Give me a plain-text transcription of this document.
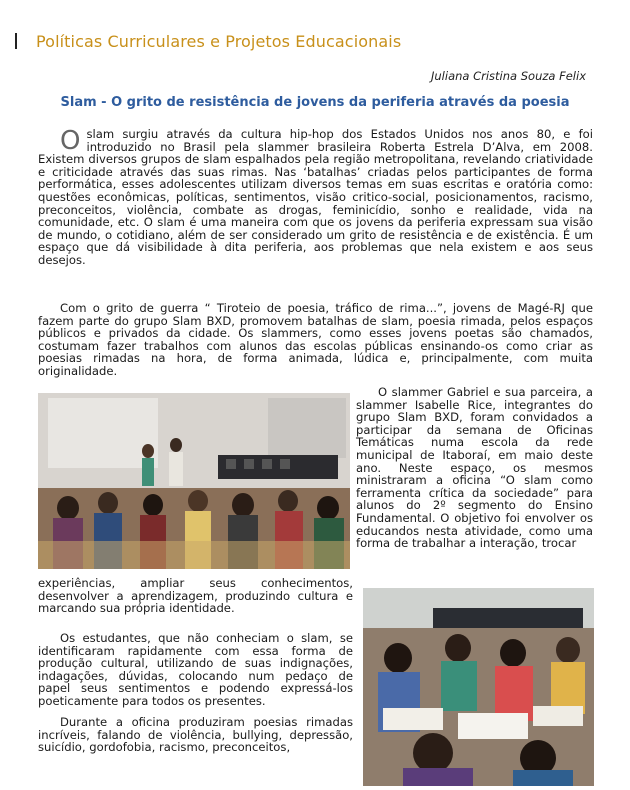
Políticas Curriculares e Projetos Educacionais
Juliana Cristina Souza Felix
Slam - O grito de resistência de jovens da periferia através da poesia

Oslam surgiu através da cultura hip-hop dos Estados Unidos nos anos 80, e foi introduzido no Brasil pela slammer brasileira Roberta Estrela D’Alva, em 2008. Existem diversos grupos de slam espalhados pela região metropolitana, revelando criatividade e criticidade através das suas rimas. Nas ‘batalhas’ criadas pelos participantes de forma performática, esses adolescentes utilizam diversos temas em suas escritas e oratória como: questões econômicas, políticas, sentimentos, visão critico-social, posicionamentos, racismo, preconceitos, violência, combate as drogas, feminicídio, sonho e realidade, vida na comunidade, etc. O slam é uma maneira com que os jovens da periferia expressam sua visão de mundo, o cotidiano, além de ser considerado um grito de resistência e de existência. É um espaço que dá visibilidade à dita periferia, aos problemas que nela existem e aos seus desejos.

Com o grito de guerra “ Tiroteio de poesia, tráfico de rima...”, jovens de Magé-RJ que fazem parte do grupo Slam BXD, promovem batalhas de slam, poesia rimada, pelos espaços públicos e privados da cidade. Os slammers, como esses jovens poetas são chamados, costumam fazer trabalhos com alunos das escolas públicas ensinando-os como criar as poesias rimadas na hora, de forma animada, lúdica e, principalmente, com muita originalidade.

O slammer Gabriel e sua parceira, a slammer Isabelle Rice, integrantes do grupo Slam BXD, foram convidados a participar da semana de Oficinas Temáticas numa escola da rede municipal de Itaboraí, em maio deste ano. Neste espaço, os mesmos ministraram a oficina “O slam como ferramenta crítica da sociedade” para alunos do 2º segmento do Ensino Fundamental. O objetivo foi envolver os educandos nesta atividade, como uma forma de trabalhar a interação, trocar

experiências, ampliar seus conhecimentos, desenvolver a aprendizagem, produzindo cultura e marcando sua própria identidade.

Os estudantes, que não conheciam o slam, se identificaram rapidamente com essa forma de produção cultural, utilizando de suas indignações, indagações, dúvidas, colocando num pedaço de papel seus sentimentos e podendo expressá-los poeticamente para todos os presentes.

Durante a oficina produziram poesias rimadas incríveis, falando de violência, bullying, depressão, suicídio, gordofobia, racismo, preconceitos,
